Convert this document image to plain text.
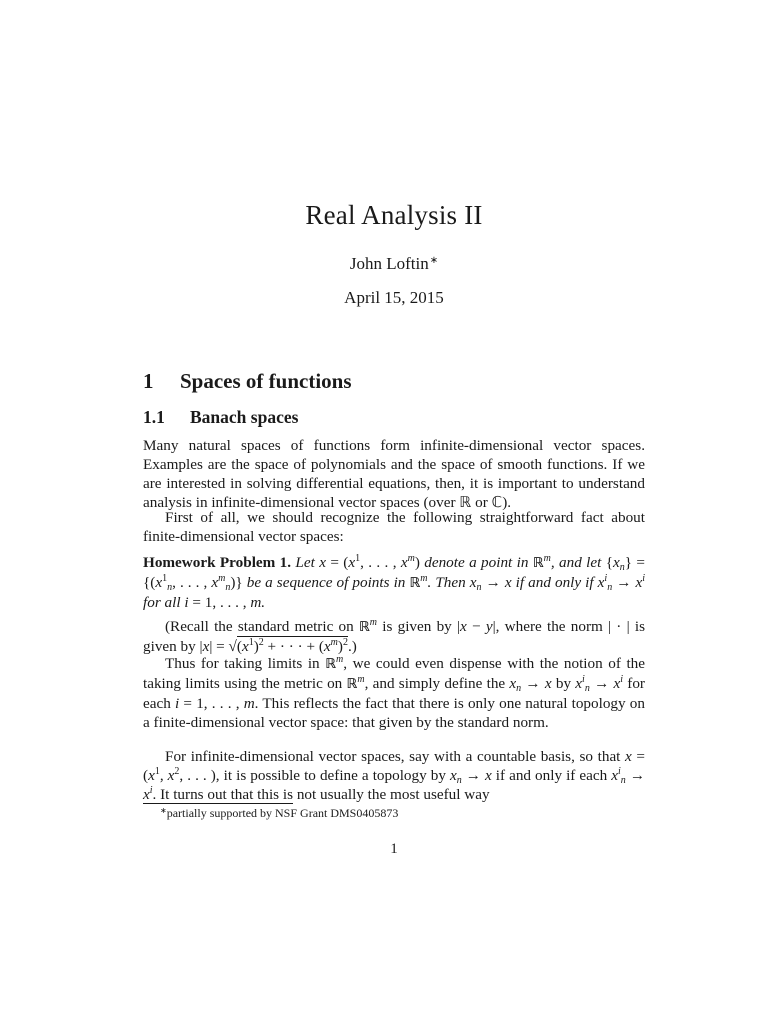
Real Analysis II
John Loftin∗
April 15, 2015
1 Spaces of functions
1.1 Banach spaces

Many natural spaces of functions form infinite-dimensional vector spaces. Examples are the space of polynomials and the space of smooth functions. If we are interested in solving differential equations, then, it is important to understand analysis in infinite-dimensional vector spaces (over ℝ or ℂ).

First of all, we should recognize the following straightforward fact about finite-dimensional vector spaces:

Homework Problem 1. Let $x = (x^1$, . . . , $x^m$) denote a point in ℝ$^m$, and let $\{x_n\} = \{(x^1_n$, . . . , $x^m_n$)} be a sequence of points in ℝ$^m$. Then $x_n \to x$ if and only if $x^i_n \to x^i$ for all i = 1, . . . , m.

(Recall the standard metric on ℝ$^m$ is given by |x − y|, where the norm | · | is given by $|x| = √(x^1)^2$ + · · · + $(x^m)^2$.)

Thus for taking limits in ℝ$^m$, we could even dispense with the notion of the taking limits using the metric on ℝ$^m$, and simply define the $x_n \to x$ by $x^i_n \to x^i$ for each i = 1, . . . , m. This reflects the fact that there is only one natural topology on a finite-dimensional vector space: that given by the standard norm.

For infinite-dimensional vector spaces, say with a countable basis, so that $x = (x^1$, $x^2$, . . . ), it is possible to define a topology by $x_n \to x$ if and only if each $x^i_n \to x^i$. It turns out that this is not usually the most useful way

∗partially supported by NSF Grant DMS0405873
1
